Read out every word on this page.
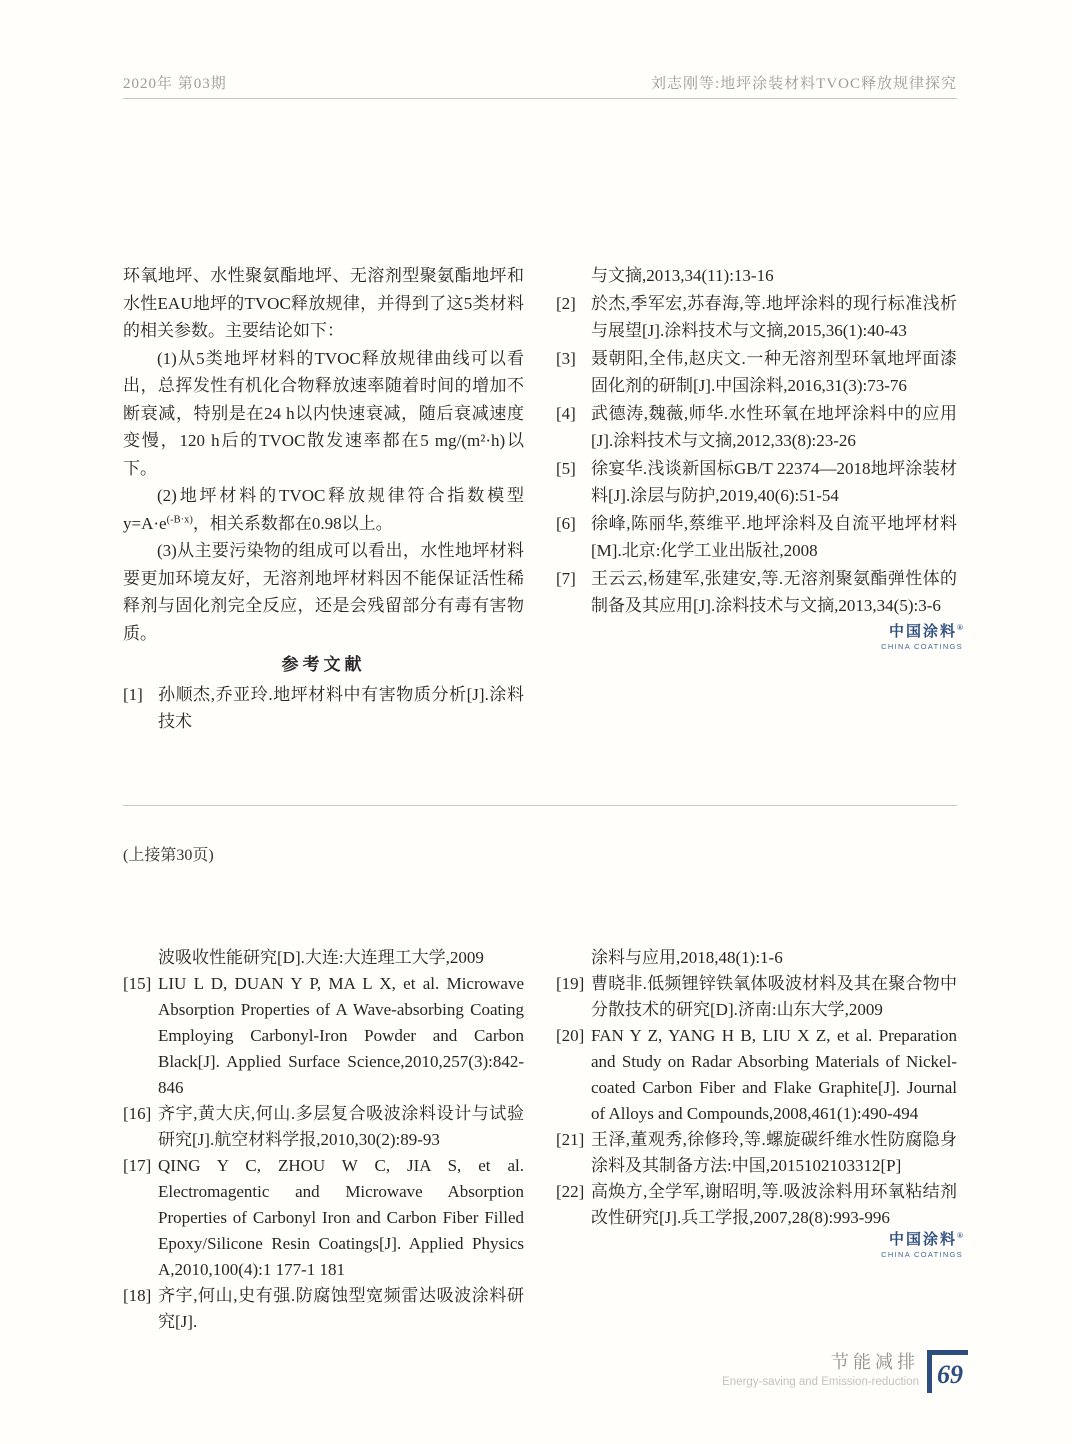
2020年 第03期	刘志刚等:地坪涂装材料TVOC释放规律探究

环氧地坪、水性聚氨酯地坪、无溶剂型聚氨酯地坪和水性EAU地坪的TVOC释放规律，并得到了这5类材料的相关参数。主要结论如下：

(1)从5类地坪材料的TVOC释放规律曲线可以看出，总挥发性有机化合物释放速率随着时间的增加不断衰减，特别是在24 h以内快速衰减，随后衰减速度变慢，120 h后的TVOC散发速率都在5 mg/(m²·h)以下。

(2)地坪材料的TVOC释放规律符合指数模型$y=A\cdot e^{(-B\cdot x)}$，相关系数都在0.98以上。

(3)从主要污染物的组成可以看出，水性地坪材料要更加环境友好，无溶剂地坪材料因不能保证活性稀释剂与固化剂完全反应，还是会残留部分有毒有害物质。

参考文献

[1] 孙顺杰,乔亚玲.地坪材料中有害物质分析[J].涂料技术

与文摘,2013,34(11):13-16

[2] 於杰,季军宏,苏春海,等.地坪涂料的现行标准浅析与展望[J].涂料技术与文摘,2015,36(1):40-43

[3] 聂朝阳,全伟,赵庆文.一种无溶剂型环氧地坪面漆固化剂的研制[J].中国涂料,2016,31(3):73-76

[4] 武德涛,魏薇,师华.水性环氧在地坪涂料中的应用[J].涂料技术与文摘,2012,33(8):23-26

[5] 徐宴华.浅谈新国标GB/T 22374—2018地坪涂装材料[J].涂层与防护,2019,40(6):51-54

[6] 徐峰,陈丽华,蔡维平.地坪涂料及自流平地坪材料[M].北京:化学工业出版社,2008

[7] 王云云,杨建军,张建安,等.无溶剂聚氨酯弹性体的制备及其应用[J].涂料技术与文摘,2013,34(5):3-6

中国涂料®
CHINA COATINGS
(上接第30页)

波吸收性能研究[D].大连:大连理工大学,2009

[15] LIU L D, DUAN Y P, MA L X, et al. Microwave Absorption Properties of A Wave-absorbing Coating Employing Carbonyl-Iron Powder and Carbon Black[J]. Applied Surface Science,2010,257(3):842-846

[16] 齐宇,黄大庆,何山.多层复合吸波涂料设计与试验研究[J].航空材料学报,2010,30(2):89-93

[17] QING Y C, ZHOU W C, JIA S, et al. Electromagentic and Microwave Absorption Properties of Carbonyl Iron and Carbon Fiber Filled Epoxy/Silicone Resin Coatings[J]. Applied Physics A,2010,100(4):1 177-1 181

[18] 齐宇,何山,史有强.防腐蚀型宽频雷达吸波涂料研究[J].

涂料与应用,2018,48(1):1-6

[19] 曹晓非.低频锂锌铁氧体吸波材料及其在聚合物中分散技术的研究[D].济南:山东大学,2009

[20] FAN Y Z, YANG H B, LIU X Z, et al. Preparation and Study on Radar Absorbing Materials of Nickel-coated Carbon Fiber and Flake Graphite[J]. Journal of Alloys and Compounds,2008,461(1):490-494

[21] 王泽,董观秀,徐修玲,等.螺旋碳纤维水性防腐隐身涂料及其制备方法:中国,2015102103312[P]

[22] 高焕方,全学军,谢昭明,等.吸波涂料用环氧粘结剂改性研究[J].兵工学报,2007,28(8):993-996

中国涂料®
CHINA COATINGS
节能减排
Energy-saving and Emission-reduction 69
